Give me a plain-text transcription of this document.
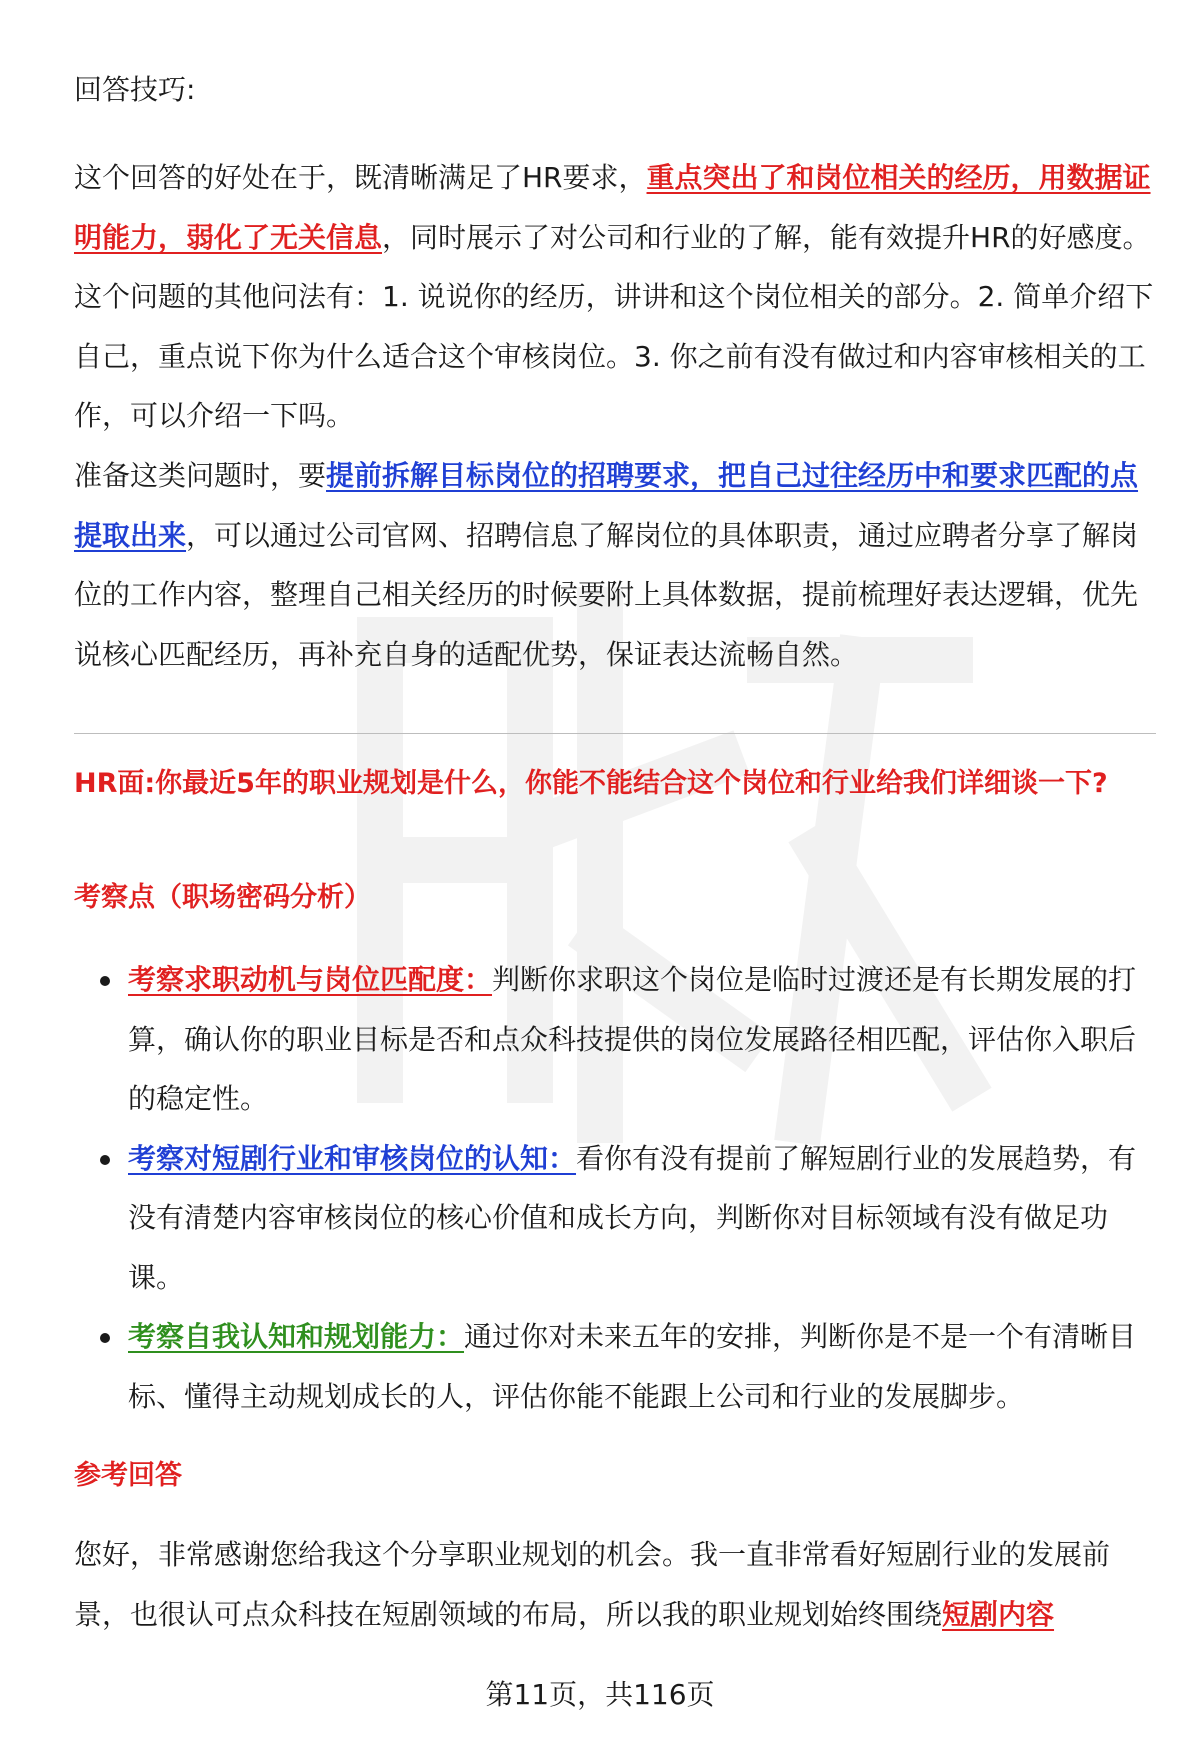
回答技巧:

这个回答的好处在于，既清晰满足了HR要求，重点突出了和岗位相关的经历，用数据证明能力，弱化了无关信息，同时展示了对公司和行业的了解，能有效提升HR的好感度。这个问题的其他问法有：1. 说说你的经历，讲讲和这个岗位相关的部分。2. 简单介绍下自己，重点说下你为什么适合这个审核岗位。3. 你之前有没有做过和内容审核相关的工作，可以介绍一下吗。

准备这类问题时，要提前拆解目标岗位的招聘要求，把自己过往经历中和要求匹配的点提取出来，可以通过公司官网、招聘信息了解岗位的具体职责，通过应聘者分享了解岗位的工作内容，整理自己相关经历的时候要附上具体数据，提前梳理好表达逻辑，优先说核心匹配经历，再补充自身的适配优势，保证表达流畅自然。

HR面:你最近5年的职业规划是什么，你能不能结合这个岗位和行业给我们详细谈一下?

考察点（职场密码分析）

考察求职动机与岗位匹配度：判断你求职这个岗位是临时过渡还是有长期发展的打算，确认你的职业目标是否和点众科技提供的岗位发展路径相匹配，评估你入职后的稳定性。
考察对短剧行业和审核岗位的认知：看你有没有提前了解短剧行业的发展趋势，有没有清楚内容审核岗位的核心价值和成长方向，判断你对目标领域有没有做足功课。
考察自我认知和规划能力：通过你对未来五年的安排，判断你是不是一个有清晰目标、懂得主动规划成长的人，评估你能不能跟上公司和行业的发展脚步。

参考回答

您好，非常感谢您给我这个分享职业规划的机会。我一直非常看好短剧行业的发展前景，也很认可点众科技在短剧领域的布局，所以我的职业规划始终围绕短剧内容

第11页，共116页
